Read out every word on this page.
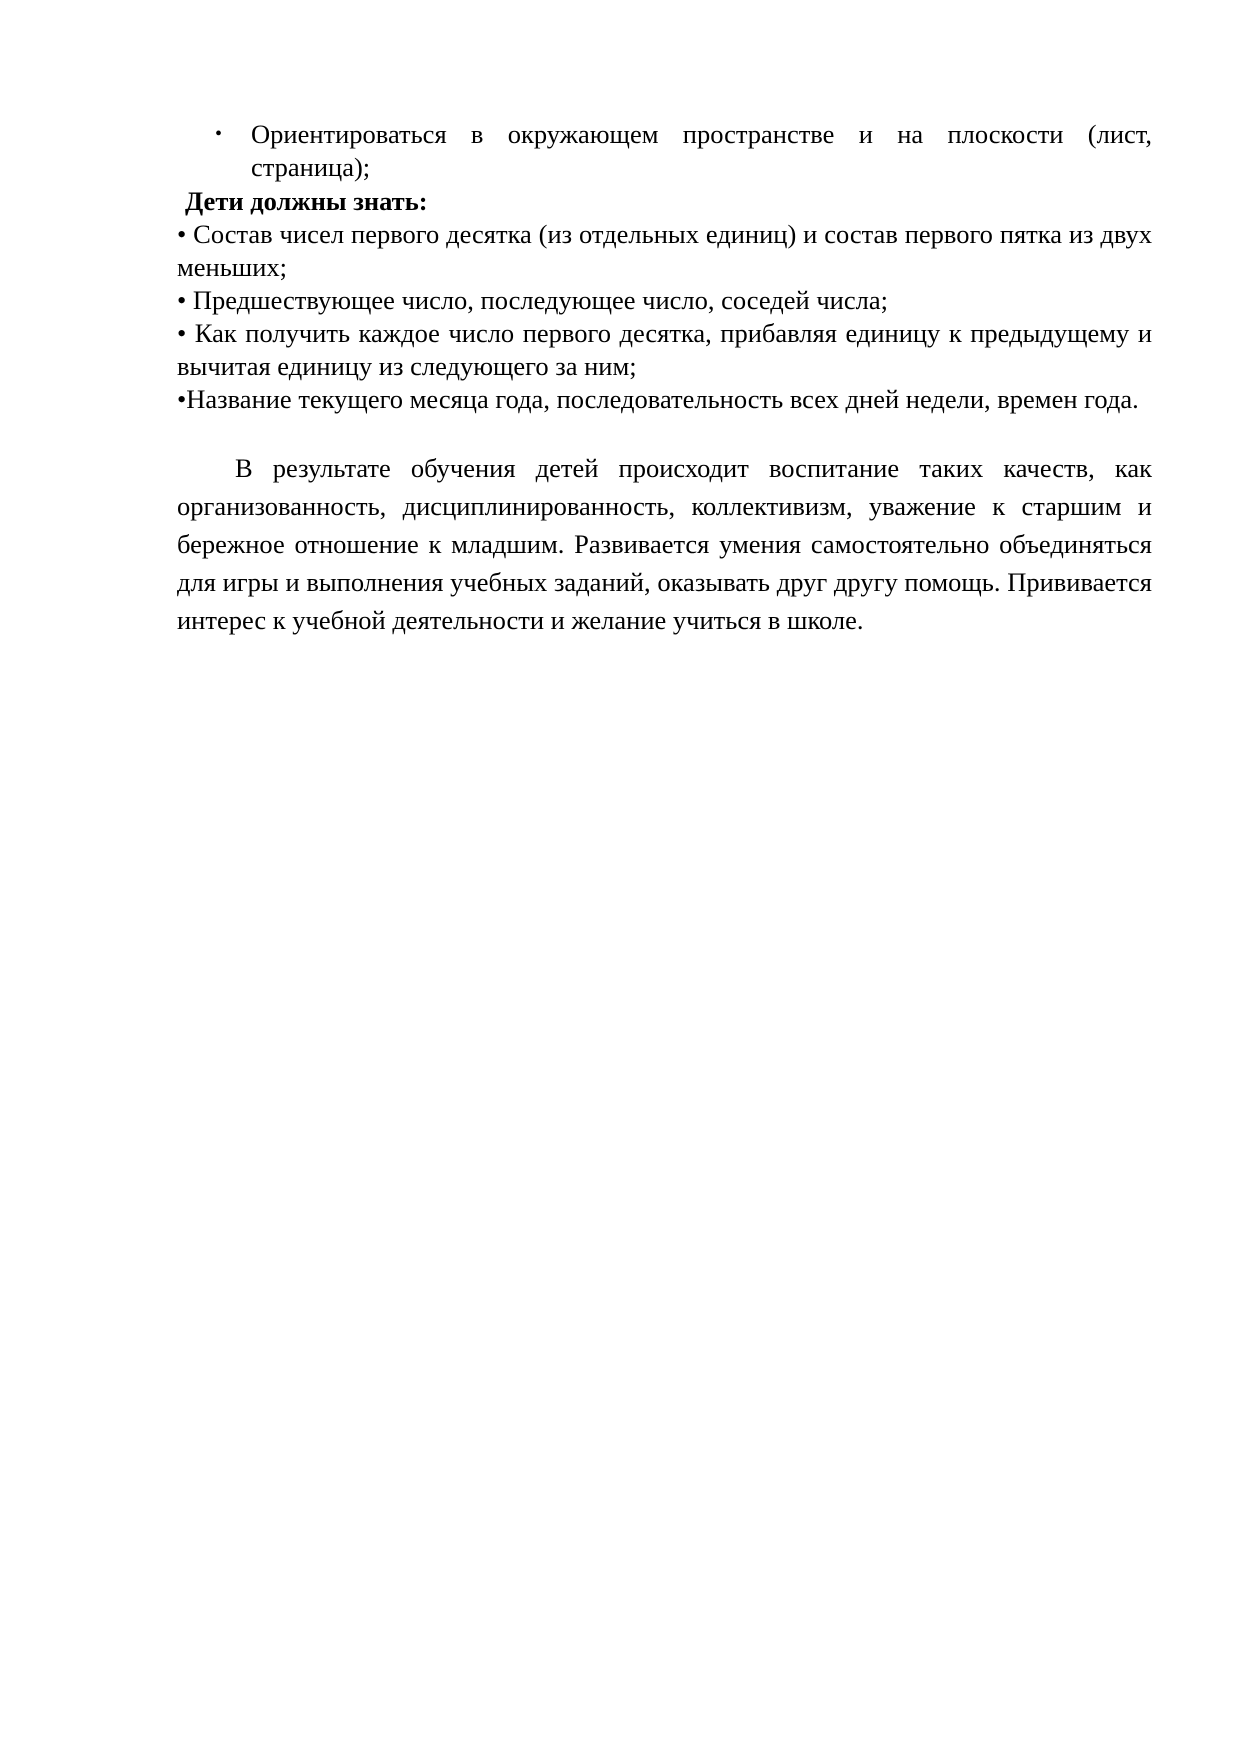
• Ориентироваться в окружающем пространстве и на плоскости (лист, страница);
Дети должны знать:
• Состав чисел первого десятка (из отдельных единиц) и состав первого пятка из двух меньших;
• Предшествующее число, последующее число, соседей числа;
• Как получить каждое число первого десятка, прибавляя единицу к предыдущему и вычитая единицу из следующего за ним;
•Название текущего месяца года, последовательность всех дней недели, времен года.
В результате обучения детей происходит воспитание таких качеств, как организованность, дисциплинированность, коллективизм, уважение к старшим и бережное отношение к младшим. Развивается умения самостоятельно объединяться для игры и выполнения учебных заданий, оказывать друг другу помощь. Прививается интерес к учебной деятельности и желание учиться в школе.
